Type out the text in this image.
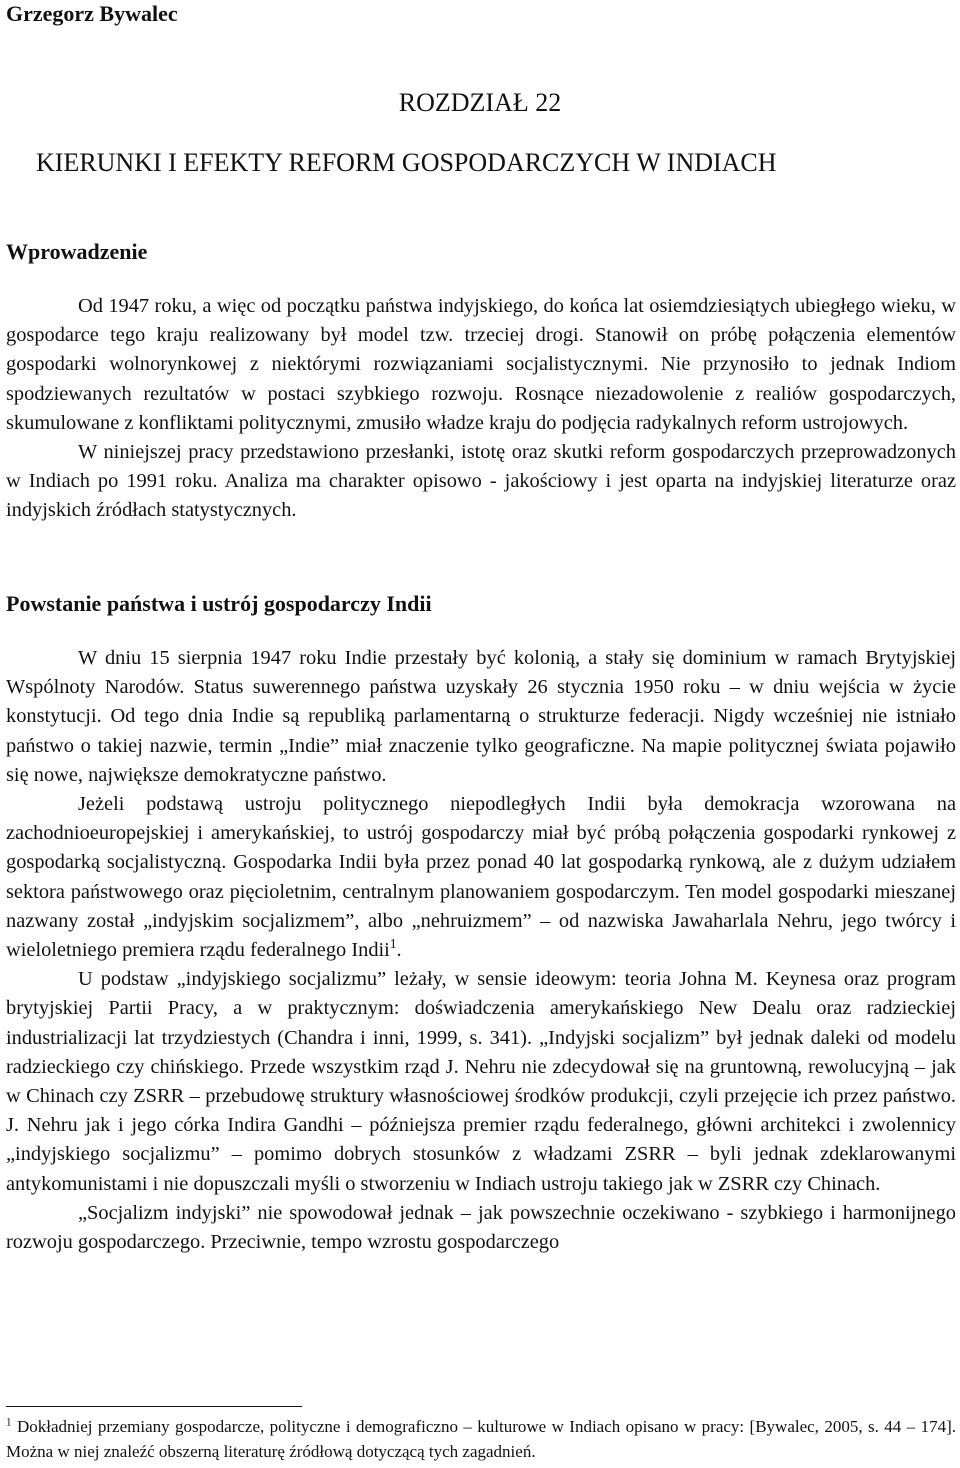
Grzegorz Bywalec
ROZDZIAŁ 22
KIERUNKI I EFEKTY REFORM GOSPODARCZYCH W INDIACH
Wprowadzenie

Od 1947 roku, a więc od początku państwa indyjskiego, do końca lat osiemdziesiątych ubiegłego wieku, w gospodarce tego kraju realizowany był model tzw. trzeciej drogi. Stanowił on próbę połączenia elementów gospodarki wolnorynkowej z niektórymi rozwiązaniami socjalistycznymi. Nie przynosiło to jednak Indiom spodziewanych rezultatów w postaci szybkiego rozwoju. Rosnące niezadowolenie z realiów gospodarczych, skumulowane z konfliktami politycznymi, zmusiło władze kraju do podjęcia radykalnych reform ustrojowych.

W niniejszej pracy przedstawiono przesłanki, istotę oraz skutki reform gospodarczych przeprowadzonych w Indiach po 1991 roku. Analiza ma charakter opisowo - jakościowy i jest oparta na indyjskiej literaturze oraz indyjskich źródłach statystycznych.

Powstanie państwa i ustrój gospodarczy Indii

W dniu 15 sierpnia 1947 roku Indie przestały być kolonią, a stały się dominium w ramach Brytyjskiej Wspólnoty Narodów. Status suwerennego państwa uzyskały 26 stycznia 1950 roku – w dniu wejścia w życie konstytucji. Od tego dnia Indie są republiką parlamentarną o strukturze federacji. Nigdy wcześniej nie istniało państwo o takiej nazwie, termin „Indie” miał znaczenie tylko geograficzne. Na mapie politycznej świata pojawiło się nowe, największe demokratyczne państwo.

Jeżeli podstawą ustroju politycznego niepodległych Indii była demokracja wzorowana na zachodnioeuropejskiej i amerykańskiej, to ustrój gospodarczy miał być próbą połączenia gospodarki rynkowej z gospodarką socjalistyczną. Gospodarka Indii była przez ponad 40 lat gospodarką rynkową, ale z dużym udziałem sektora państwowego oraz pięcioletnim, centralnym planowaniem gospodarczym. Ten model gospodarki mieszanej nazwany został „indyjskim socjalizmem”, albo „nehruizmem” – od nazwiska Jawaharlala Nehru, jego twórcy i wieloletniego premiera rządu federalnego Indii$^1$.

U podstaw „indyjskiego socjalizmu” leżały, w sensie ideowym: teoria Johna M. Keynesa oraz program brytyjskiej Partii Pracy, a w praktycznym: doświadczenia amerykańskiego New Dealu oraz radzieckiej industrializacji lat trzydziestych (Chandra i inni, 1999, s. 341). „Indyjski socjalizm” był jednak daleki od modelu radzieckiego czy chińskiego. Przede wszystkim rząd J. Nehru nie zdecydował się na gruntowną, rewolucyjną – jak w Chinach czy ZSRR – przebudowę struktury własnościowej środków produkcji, czyli przejęcie ich przez państwo. J. Nehru jak i jego córka Indira Gandhi – późniejsza premier rządu federalnego, główni architekci i zwolennicy „indyjskiego socjalizmu” – pomimo dobrych stosunków z władzami ZSRR – byli jednak zdeklarowanymi antykomunistami i nie dopuszczali myśli o stworzeniu w Indiach ustroju takiego jak w ZSRR czy Chinach.

„Socjalizm indyjski” nie spowodował jednak – jak powszechnie oczekiwano - szybkiego i harmonijnego rozwoju gospodarczego. Przeciwnie, tempo wzrostu gospodarczego

$^1$ Dokładniej przemiany gospodarcze, polityczne i demograficzno – kulturowe w Indiach opisano w pracy: [Bywalec, 2005, s. 44 – 174]. Można w niej znaleźć obszerną literaturę źródłową dotyczącą tych zagadnień.
